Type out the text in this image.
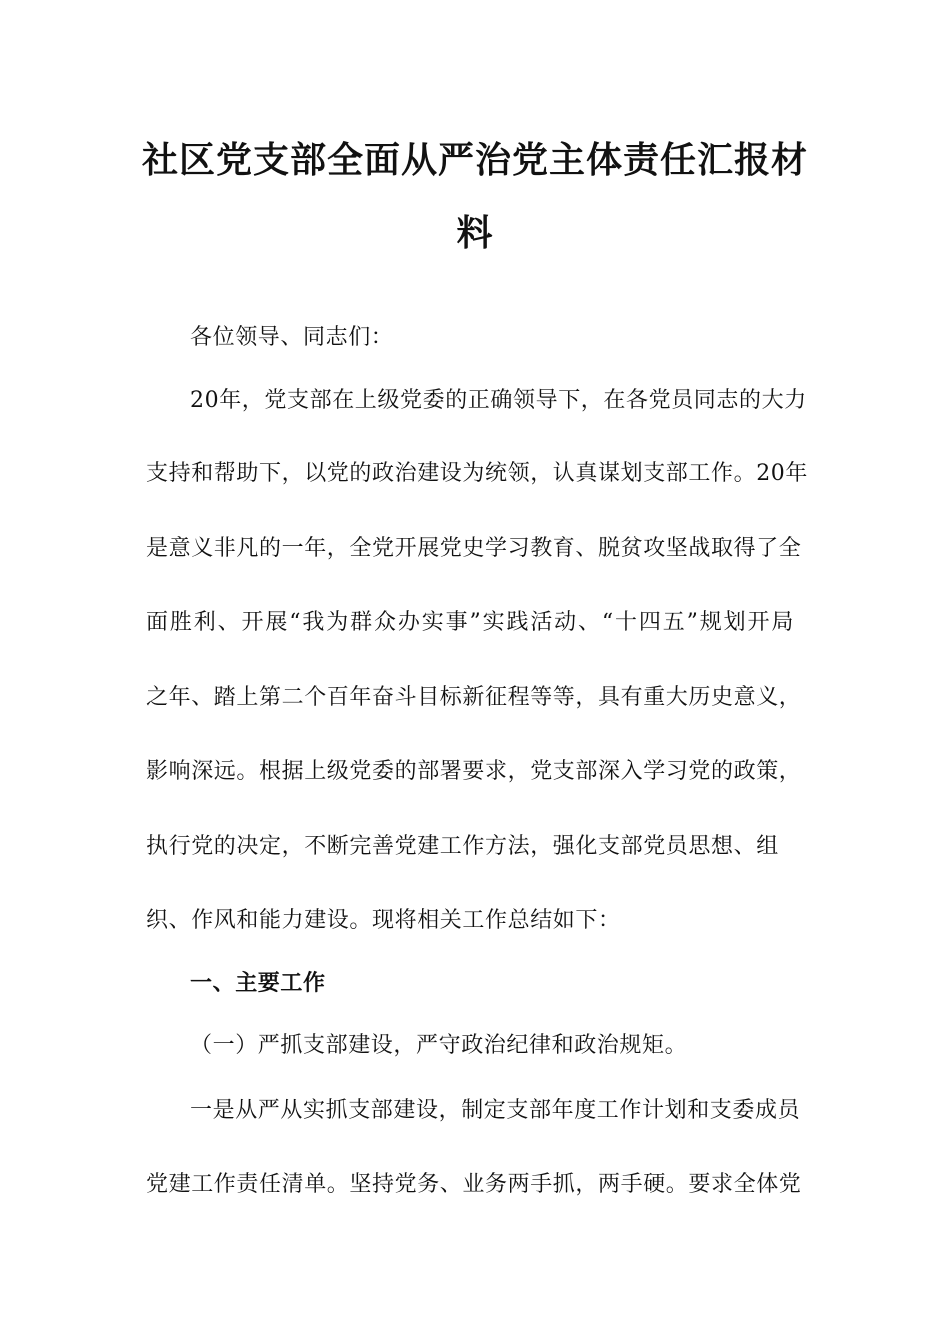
社区党支部全面从严治党主体责任汇报材
料
各位领导、同志们：
20年，党支部在上级党委的正确领导下，在各党员同志的大力
支持和帮助下，以党的政治建设为统领，认真谋划支部工作。20年
是意义非凡的一年，全党开展党史学习教育、脱贫攻坚战取得了全
面胜利、开展“我为群众办实事”实践活动、“十四五”规划开局
之年、踏上第二个百年奋斗目标新征程等等，具有重大历史意义，
影响深远。根据上级党委的部署要求，党支部深入学习党的政策，
执行党的决定，不断完善党建工作方法，强化支部党员思想、组
织、作风和能力建设。现将相关工作总结如下：
一、主要工作
（一）严抓支部建设，严守政治纪律和政治规矩。
一是从严从实抓支部建设，制定支部年度工作计划和支委成员
党建工作责任清单。坚持党务、业务两手抓，两手硬。要求全体党
